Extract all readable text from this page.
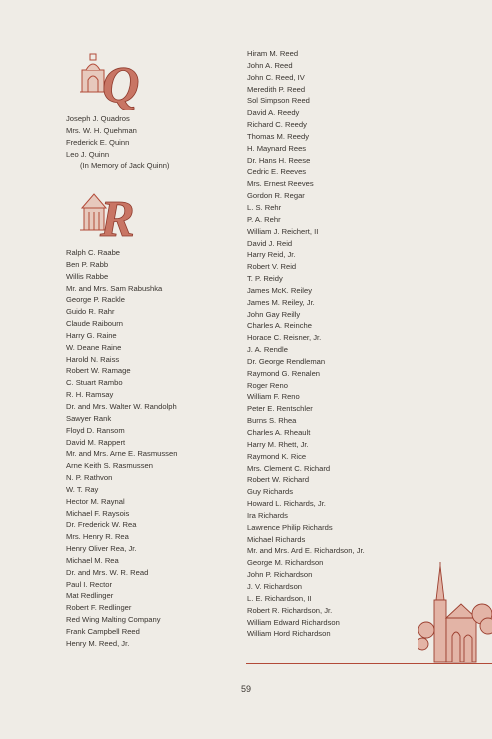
Q
Joseph J. Quadros
Mrs. W. H. Quehman
Frederick E. Quinn
Leo J. Quinn
(In Memory of Jack Quinn)
R
Ralph C. Raabe
Ben P. Rabb
Willis Rabbe
Mr. and Mrs. Sam Rabushka
George P. Rackle
Guido R. Rahr
Claude Raibourn
Harry G. Raine
W. Deane Raine
Harold N. Raiss
Robert W. Ramage
C. Stuart Rambo
R. H. Ramsay
Dr. and Mrs. Walter W. Randolph
Sawyer Rank
Floyd D. Ransom
David M. Rappert
Mr. and Mrs. Arne E. Rasmussen
Arne Keith S. Rasmussen
N. P. Rathvon
W. T. Ray
Hector M. Raynal
Michael F. Raysois
Dr. Frederick W. Rea
Mrs. Henry R. Rea
Henry Oliver Rea, Jr.
Michael M. Rea
Dr. and Mrs. W. R. Read
Paul I. Rector
Mat Redlinger
Robert F. Redlinger
Red Wing Malting Company
Frank Campbell Reed
Henry M. Reed, Jr.
Hiram M. Reed
John A. Reed
John C. Reed, IV
Meredith P. Reed
Sol Simpson Reed
David A. Reedy
Richard C. Reedy
Thomas M. Reedy
H. Maynard Rees
Dr. Hans H. Reese
Cedric E. Reeves
Mrs. Ernest Reeves
Gordon R. Regar
L. S. Rehr
P. A. Rehr
William J. Reichert, II
David J. Reid
Harry Reid, Jr.
Robert V. Reid
T. P. Reidy
James McK. Reiley
James M. Reiley, Jr.
John Gay Reilly
Charles A. Reinche
Horace C. Reisner, Jr.
J. A. Rendle
Dr. George Rendleman
Raymond G. Renalen
Roger Reno
William F. Reno
Peter E. Rentschler
Burns S. Rhea
Charles A. Rheault
Harry M. Rhett, Jr.
Raymond K. Rice
Mrs. Clement C. Richard
Robert W. Richard
Guy Richards
Howard L. Richards, Jr.
Ira Richards
Lawrence Philip Richards
Michael Richards
Mr. and Mrs. Ard E. Richardson, Jr.
George M. Richardson
John P. Richardson
J. V. Richardson
L. E. Richardson, II
Robert R. Richardson, Jr.
William Edward Richardson
William Hord Richardson
59
